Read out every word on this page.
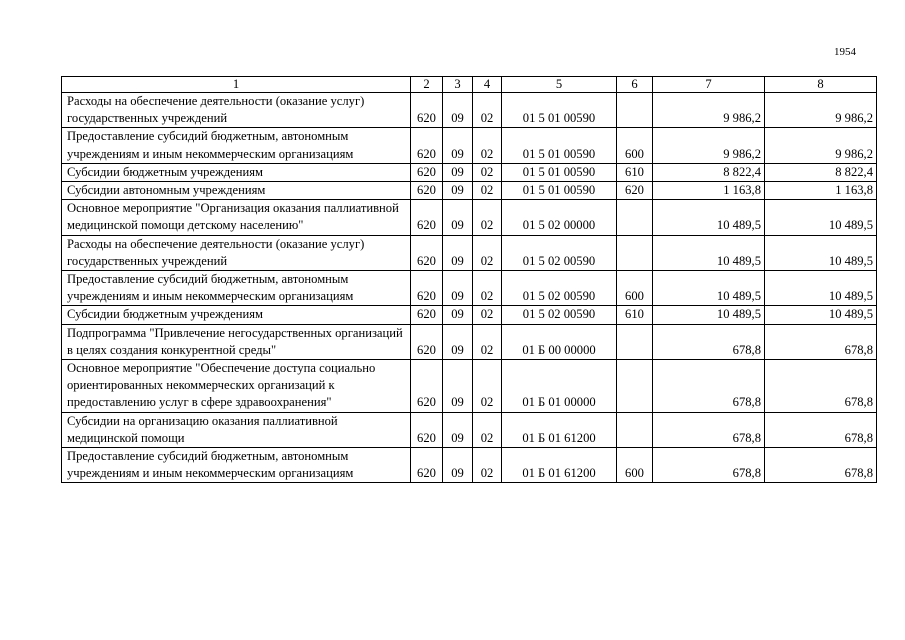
1954
1	2	3	4	5	6	7	8
Расходы на обеспечение деятельности (оказание услуг) государственных учреждений	620	09	02	01 5 01 00590		9 986,2	9 986,2
Предоставление субсидий бюджетным, автономным учреждениям и иным некоммерческим организациям	620	09	02	01 5 01 00590	600	9 986,2	9 986,2
Субсидии бюджетным учреждениям	620	09	02	01 5 01 00590	610	8 822,4	8 822,4
Субсидии автономным учреждениям	620	09	02	01 5 01 00590	620	1 163,8	1 163,8
Основное мероприятие "Организация оказания паллиативной медицинской помощи детскому населению"	620	09	02	01 5 02 00000		10 489,5	10 489,5
Расходы на обеспечение деятельности (оказание услуг) государственных учреждений	620	09	02	01 5 02 00590		10 489,5	10 489,5
Предоставление субсидий бюджетным, автономным учреждениям и иным некоммерческим организациям	620	09	02	01 5 02 00590	600	10 489,5	10 489,5
Субсидии бюджетным учреждениям	620	09	02	01 5 02 00590	610	10 489,5	10 489,5
Подпрограмма "Привлечение негосударственных организаций в целях создания конкурентной среды"	620	09	02	01 Б 00 00000		678,8	678,8
Основное мероприятие "Обеспечение доступа социально ориентированных некоммерческих организаций к предоставлению услуг в сфере здравоохранения"	620	09	02	01 Б 01 00000		678,8	678,8
Субсидии на организацию оказания паллиативной медицинской помощи	620	09	02	01 Б 01 61200		678,8	678,8
Предоставление субсидий бюджетным, автономным учреждениям и иным некоммерческим организациям	620	09	02	01 Б 01 61200	600	678,8	678,8
